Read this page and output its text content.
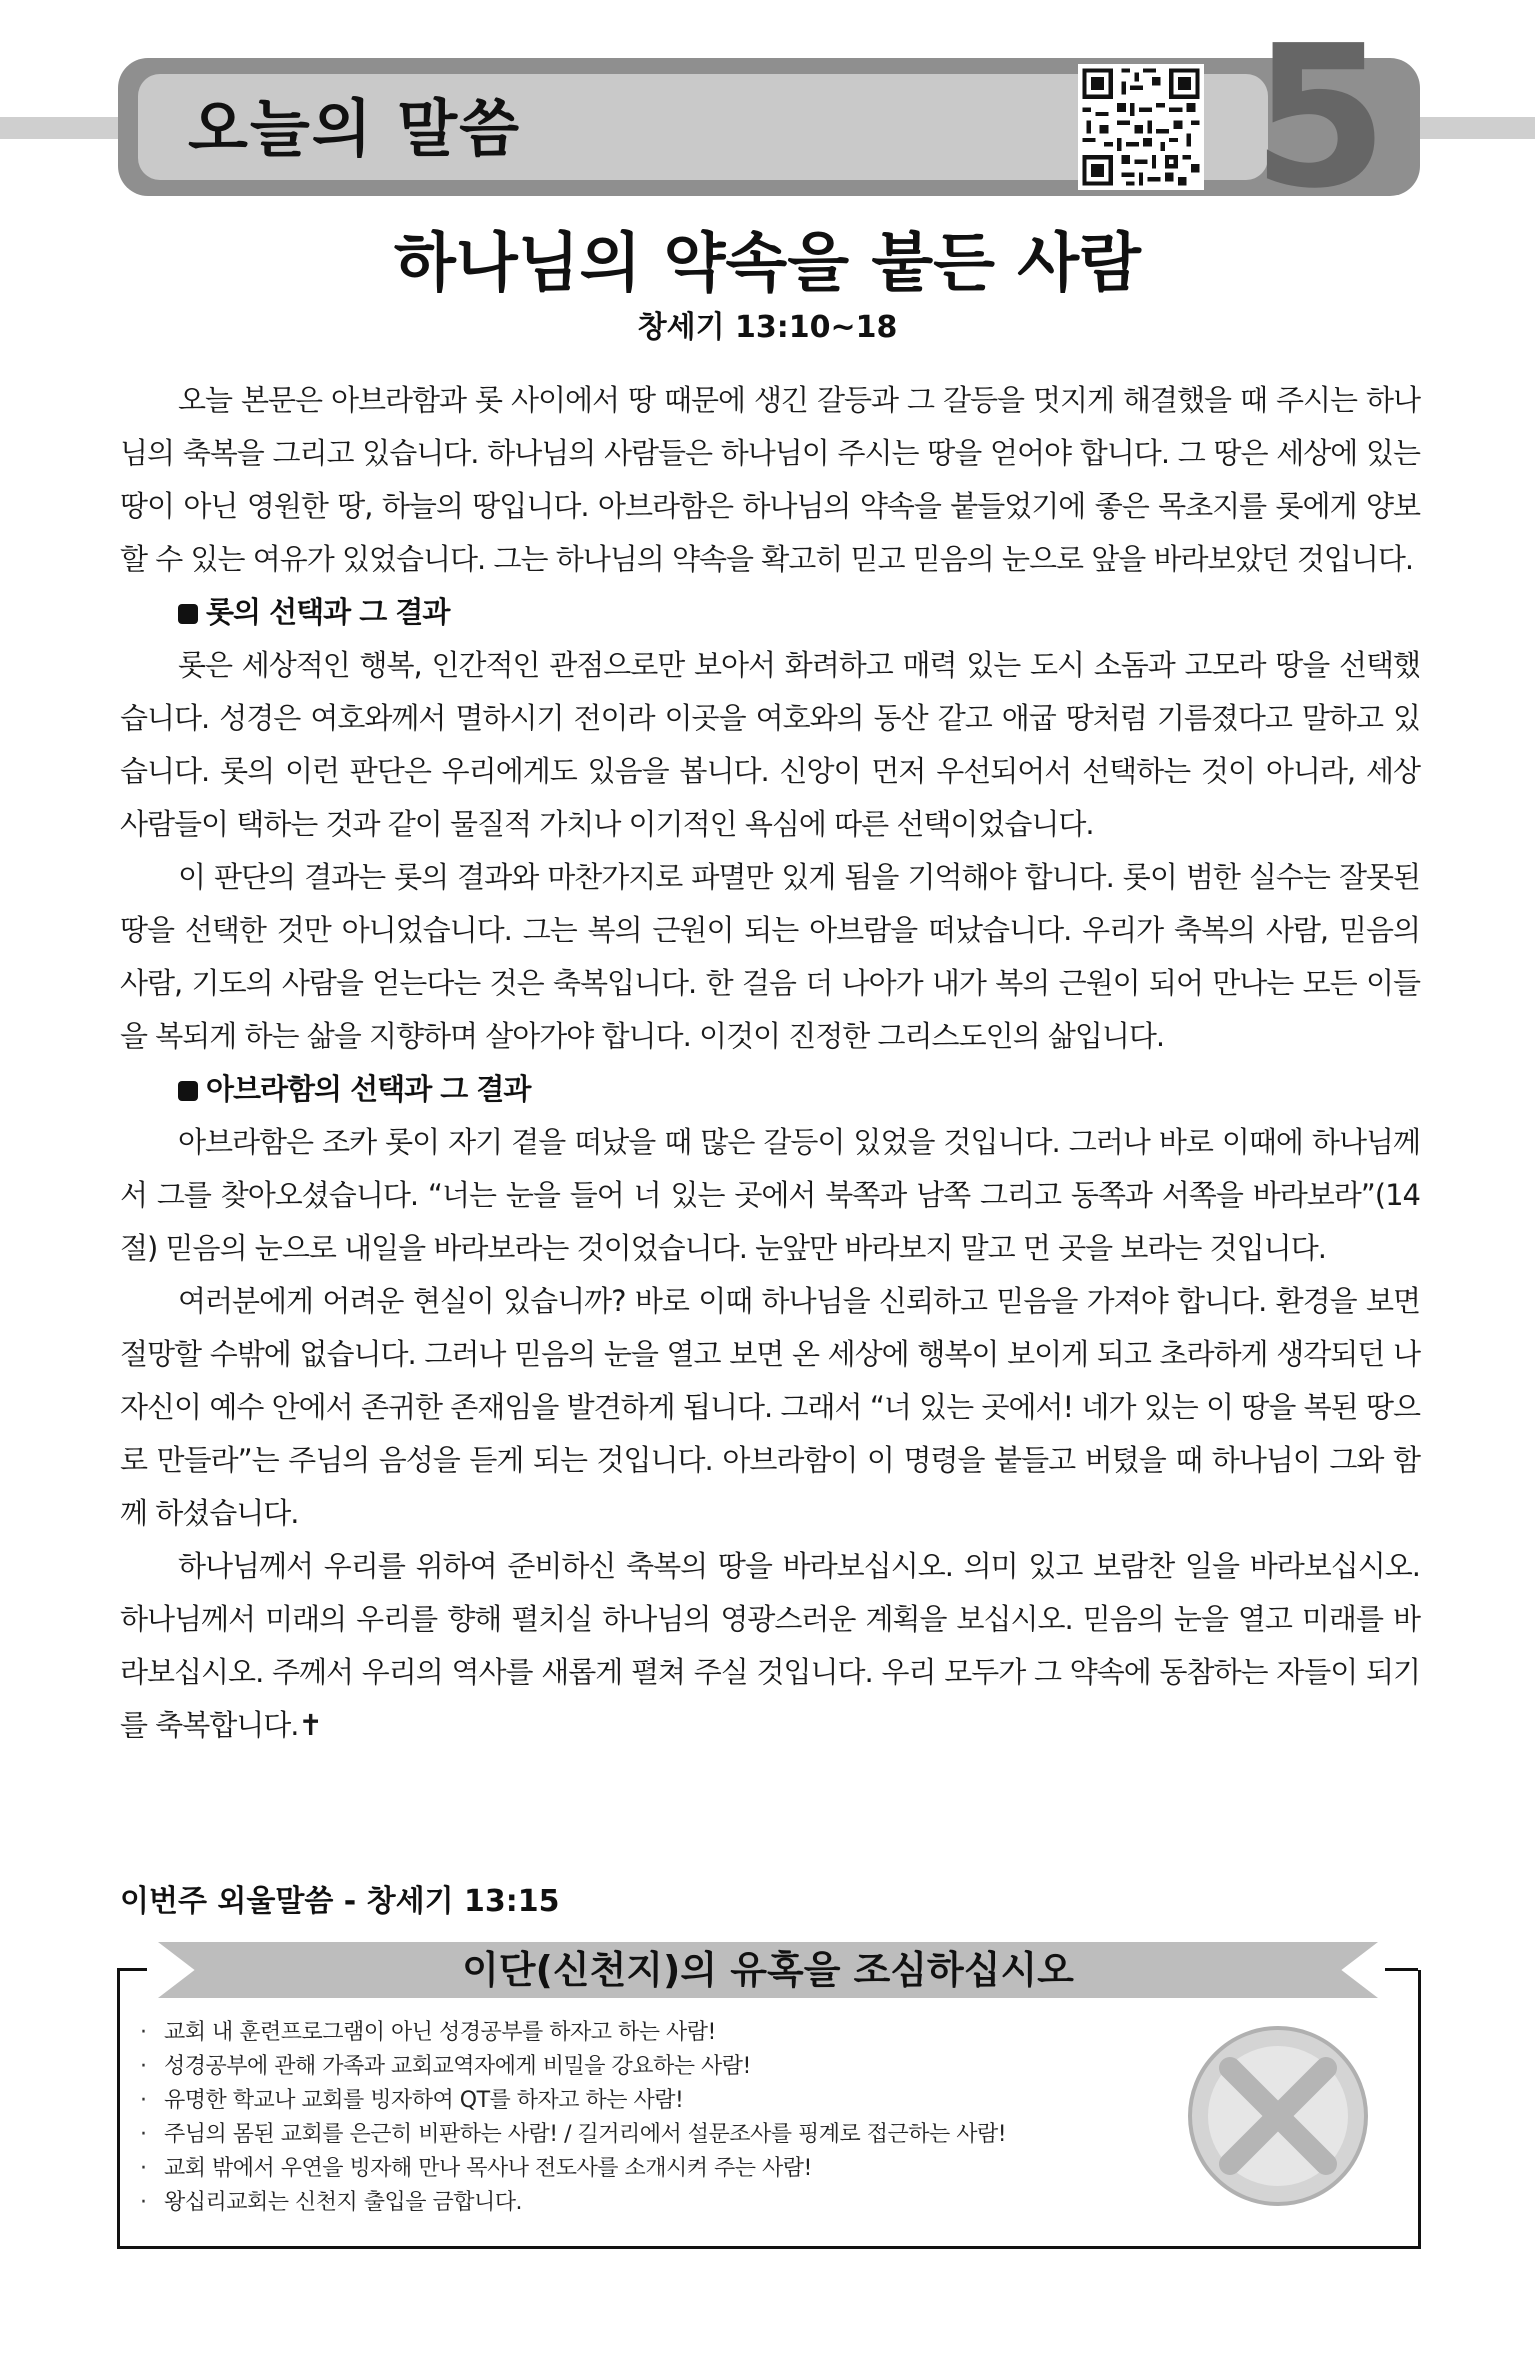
오늘의 말씀	5
하나님의 약속을 붙든 사람
창세기 13:10~18

오늘 본문은 아브라함과 롯 사이에서 땅 때문에 생긴 갈등과 그 갈등을 멋지게 해결했을 때 주시는 하나님의 축복을 그리고 있습니다. 하나님의 사람들은 하나님이 주시는 땅을 얻어야 합니다. 그 땅은 세상에 있는 땅이 아닌 영원한 땅, 하늘의 땅입니다. 아브라함은 하나님의 약속을 붙들었기에 좋은 목초지를 롯에게 양보할 수 있는 여유가 있었습니다. 그는 하나님의 약속을 확고히 믿고 믿음의 눈으로 앞을 바라보았던 것입니다.

롯의 선택과 그 결과

롯은 세상적인 행복, 인간적인 관점으로만 보아서 화려하고 매력 있는 도시 소돔과 고모라 땅을 선택했습니다. 성경은 여호와께서 멸하시기 전이라 이곳을 여호와의 동산 같고 애굽 땅처럼 기름졌다고 말하고 있습니다. 롯의 이런 판단은 우리에게도 있음을 봅니다. 신앙이 먼저 우선되어서 선택하는 것이 아니라, 세상 사람들이 택하는 것과 같이 물질적 가치나 이기적인 욕심에 따른 선택이었습니다.

이 판단의 결과는 롯의 결과와 마찬가지로 파멸만 있게 됨을 기억해야 합니다. 롯이 범한 실수는 잘못된 땅을 선택한 것만 아니었습니다. 그는 복의 근원이 되는 아브람을 떠났습니다. 우리가 축복의 사람, 믿음의 사람, 기도의 사람을 얻는다는 것은 축복입니다. 한 걸음 더 나아가 내가 복의 근원이 되어 만나는 모든 이들을 복되게 하는 삶을 지향하며 살아가야 합니다. 이것이 진정한 그리스도인의 삶입니다.

아브라함의 선택과 그 결과

아브라함은 조카 롯이 자기 곁을 떠났을 때 많은 갈등이 있었을 것입니다. 그러나 바로 이때에 하나님께서 그를 찾아오셨습니다. “너는 눈을 들어 너 있는 곳에서 북쪽과 남쪽 그리고 동쪽과 서쪽을 바라보라”(14절) 믿음의 눈으로 내일을 바라보라는 것이었습니다. 눈앞만 바라보지 말고 먼 곳을 보라는 것입니다.

여러분에게 어려운 현실이 있습니까? 바로 이때 하나님을 신뢰하고 믿음을 가져야 합니다. 환경을 보면 절망할 수밖에 없습니다. 그러나 믿음의 눈을 열고 보면 온 세상에 행복이 보이게 되고 초라하게 생각되던 나 자신이 예수 안에서 존귀한 존재임을 발견하게 됩니다. 그래서 “너 있는 곳에서! 네가 있는 이 땅을 복된 땅으로 만들라”는 주님의 음성을 듣게 되는 것입니다. 아브라함이 이 명령을 붙들고 버텼을 때 하나님이 그와 함께 하셨습니다.

하나님께서 우리를 위하여 준비하신 축복의 땅을 바라보십시오. 의미 있고 보람찬 일을 바라보십시오. 하나님께서 미래의 우리를 향해 펼치실 하나님의 영광스러운 계획을 보십시오. 믿음의 눈을 열고 미래를 바라보십시오. 주께서 우리의 역사를 새롭게 펼쳐 주실 것입니다. 우리 모두가 그 약속에 동참하는 자들이 되기를 축복합니다.✝

이번주 외울말씀 - 창세기 13:15
이단(신천지)의 유혹을 조심하십시오
· 교회 내 훈련프로그램이 아닌 성경공부를 하자고 하는 사람!
· 성경공부에 관해 가족과 교회교역자에게 비밀을 강요하는 사람!
· 유명한 학교나 교회를 빙자하여 QT를 하자고 하는 사람!
· 주님의 몸된 교회를 은근히 비판하는 사람! / 길거리에서 설문조사를 핑계로 접근하는 사람!
· 교회 밖에서 우연을 빙자해 만나 목사나 전도사를 소개시켜 주는 사람!
· 왕십리교회는 신천지 출입을 금합니다.
